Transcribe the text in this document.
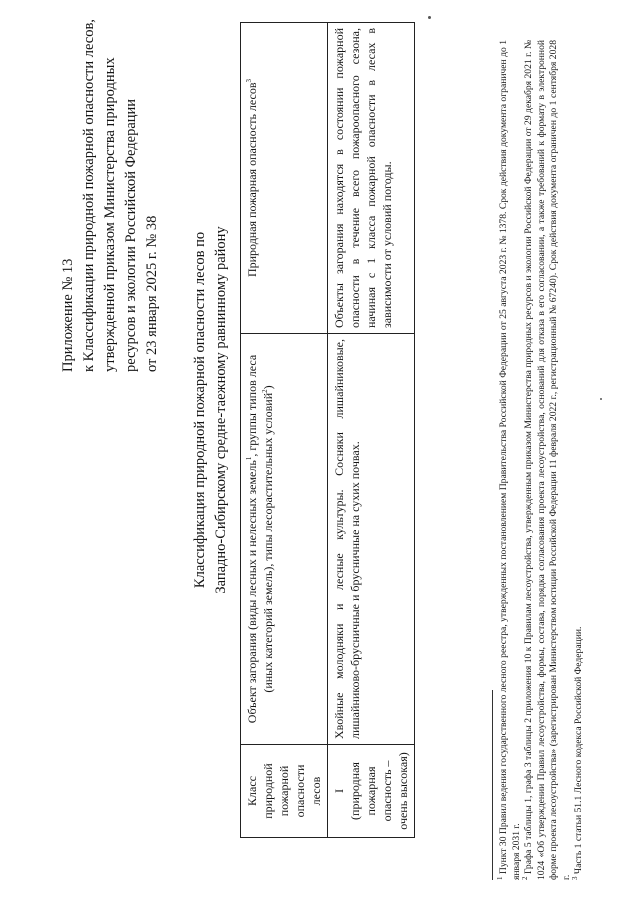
Приложение № 13 к Классификации природной пожарной опасности лесов, утвержденной приказом Министерства природных ресурсов и экологии Российской Федерации от 23 января 2025 г. № 38 Классификация природной пожарной опасности лесов по Западно-Сибирскому средне-таежному равнинному району
Класс природной пожарной опасности лесов	Объект загорания (виды лесных и нелесных земель$^1$, группы типов леса (иных категорий земель), типы лесорастительных условий$^2$)	Природная пожарная опасность лесов$^3$

I (природная пожарная опасность – очень высокая)	Хвойные молодняки и лесные культуры. Сосняки лишайниковые, лишайниково-брусничные и брусничные на сухих почвах.	Объекты загорания находятся в состоянии пожарной опасности в течение всего пожароопасного сезона, начиная с 1 класса пожарной опасности в лесах в зависимости от условий погоды.

$^1$ Пункт 30 Правил ведения государственного лесного реестра, утвержденных постановлением Правительства Российской Федерации от 25 августа 2023 г. № 1378. Срок действия документа ограничен до 1 января 2031 г. $^2$ Графа 5 таблицы 1, графа 3 таблицы 2 приложения 10 к Правилам лесоустройства, утвержденным приказом Министерства природных ресурсов и экологии Российской Федерации от 29 декабря 2021 г. № 1024 «Об утверждении Правил лесоустройства, формы, состава, порядка согласования проекта лесоустройства, оснований для отказа в его согласовании, а также требований к формату в электронной форме проекта лесоустройства» (зарегистрирован Министерством юстиции Российской Федерации 11 февраля 2022 г., регистрационный № 67240). Срок действия документа ограничен до 1 сентября 2028 г. $^3$ Часть 1 статьи 51.1 Лесного кодекса Российской Федерации.
